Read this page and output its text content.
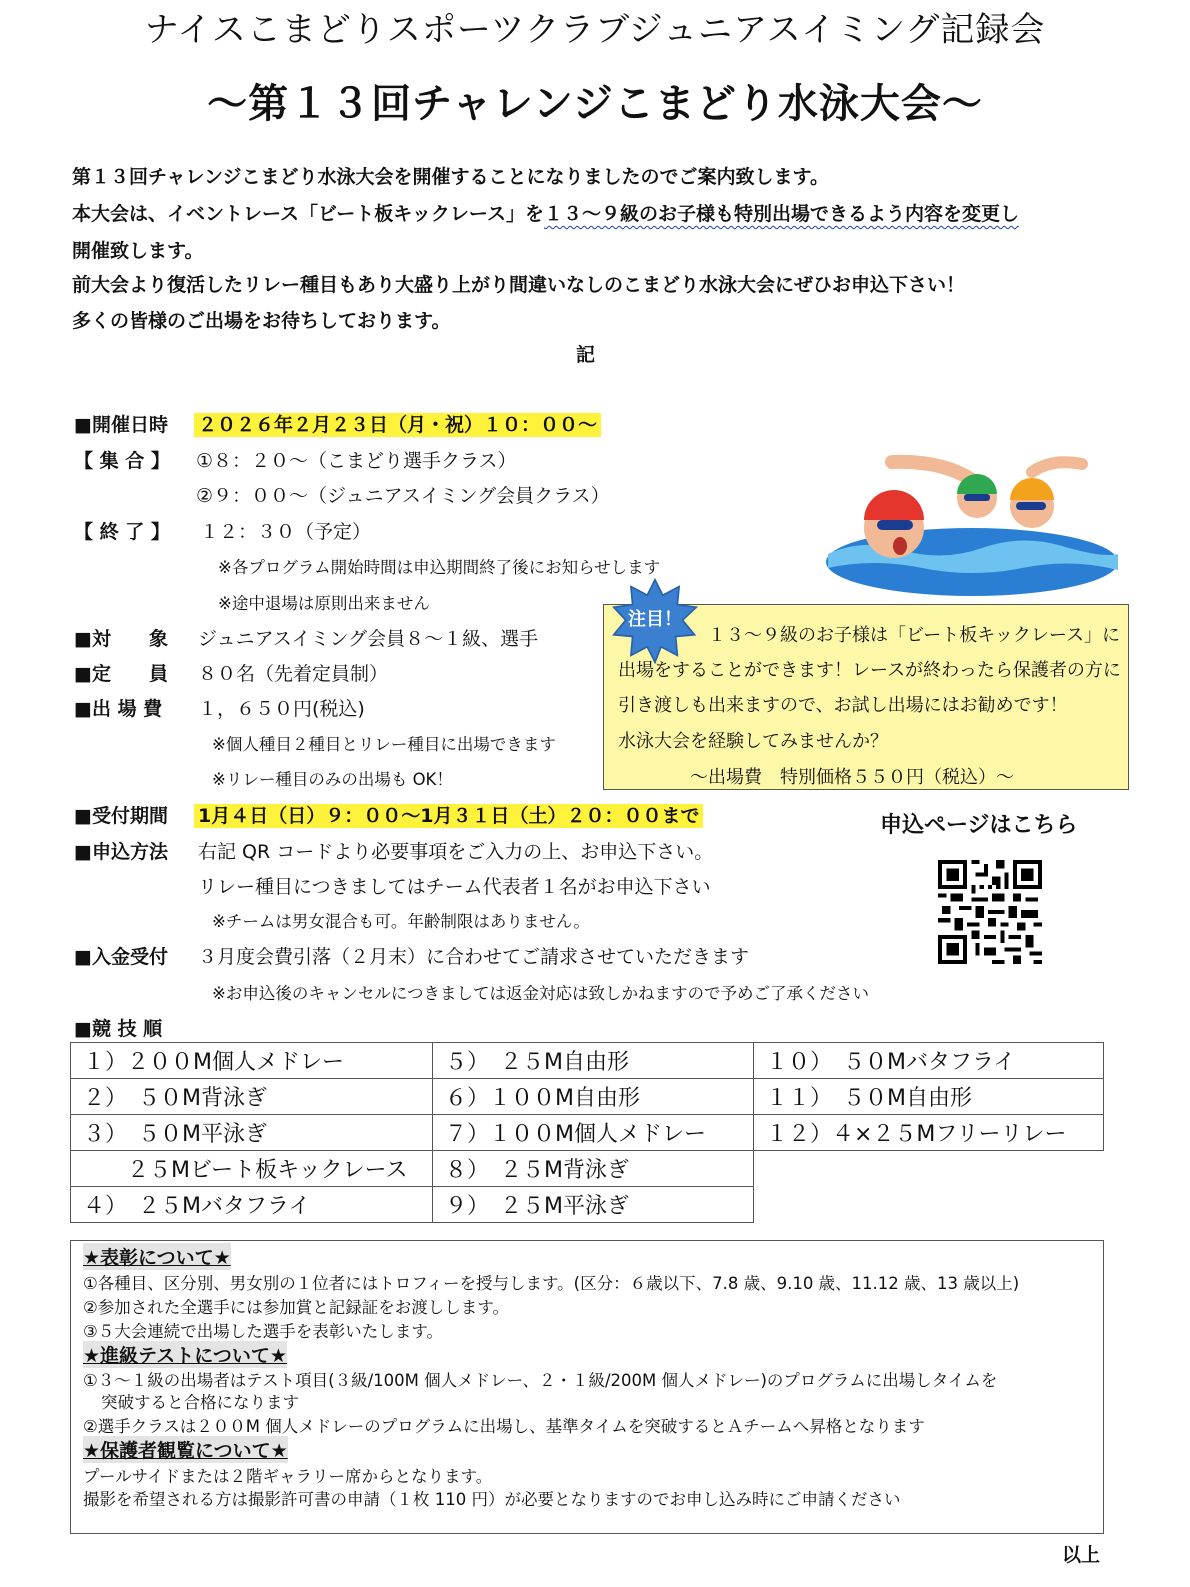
ナイスこまどりスポーツクラブジュニアスイミング記録会
～第１３回チャレンジこまどり水泳大会～
第１３回チャレンジこまどり水泳大会を開催することになりましたのでご案内致します。
本大会は、イベントレース「ビート板キックレース」を１３～９級のお子様も特別出場できるよう内容を変更し
開催致します。
前大会より復活したリレー種目もあり大盛り上がり間違いなしのこまどり水泳大会にぜひお申込下さい！
多くの皆様のご出場をお待ちしております。
記
■開催日時 ２０２６年２月２３日（月・祝）１０：００～
【 集 合 】 ①８：２０～（こまどり選手クラス）
②９：００～（ジュニアスイミング会員クラス）
【 終 了 】 １２：３０（予定）
※各プログラム開始時間は申込期間終了後にお知らせします
※途中退場は原則出来ません
■対　　象 ジュニアスイミング会員８～１級、選手
■定　　員 ８０名（先着定員制）
■出 場 費 １，６５０円(税込)
※個人種目２種目とリレー種目に出場できます
※リレー種目のみの出場も OK！
■受付期間 1月４日（日）９：００～1月３１日（土）２０：００まで
■申込方法 右記 QR コードより必要事項をご入力の上、お申込下さい。
リレー種目につきましてはチーム代表者１名がお申込下さい
※チームは男女混合も可。年齢制限はありません。
■入金受付 ３月度会費引落（２月末）に合わせてご請求させていただきます
※お申込後のキャンセルにつきましては返金対応は致しかねますので予めご了承ください
■競 技 順
１３～９級のお子様は「ビート板キックレース」に
出場をすることができます！レースが終わったら保護者の方に
引き渡しも出来ますので、お試し出場にはお勧めです！
水泳大会を経験してみませんか？
～出場費　特別価格５５０円（税込）～
注目！
申込ページはこちら
１）２００M個人メドレー	５）　２５M自由形	１０）　５０Mバタフライ
２）　５０M背泳ぎ	６）１００M自由形	１１）　５０M自由形
３）　５０M平泳ぎ	７）１００M個人メドレー	１２）４×２５Mフリーリレー
　　２５Mビート板キックレース	８）　２５M背泳ぎ	
４）　２５Mバタフライ	９）　２５M平泳ぎ	
★表彰について★
①各種目、区分別、男女別の１位者にはトロフィーを授与します。(区分：６歳以下、7.8 歳、9.10 歳、11.12 歳、13 歳以上)
②参加された全選手には参加賞と記録証をお渡しします。
③５大会連続で出場した選手を表彰いたします。
★進級テストについて★
①３～１級の出場者はテスト項目(３級/100M 個人メドレー、２・１級/200M 個人メドレー)のプログラムに出場しタイムを
突破すると合格になります
②選手クラスは２００M 個人メドレーのプログラムに出場し、基準タイムを突破するとＡチームへ昇格となります
★保護者観覧について★
プールサイドまたは２階ギャラリー席からとなります。
撮影を希望される方は撮影許可書の申請（１枚 110 円）が必要となりますのでお申し込み時にご申請ください
以上
